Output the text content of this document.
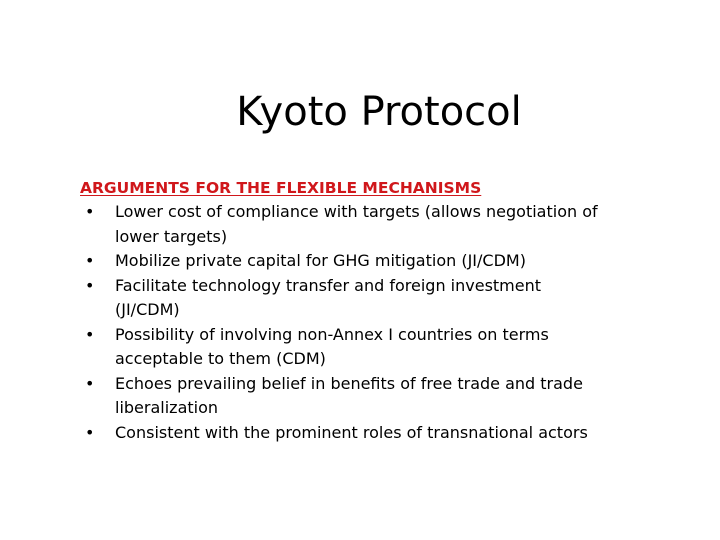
Kyoto Protocol
ARGUMENTS FOR THE FLEXIBLE MECHANISMS
• Lower cost of compliance with targets (allows negotiation of
lower targets)
• Mobilize private capital for GHG mitigation (JI/CDM)
• Facilitate technology transfer and foreign investment
(JI/CDM)
• Possibility of involving non-Annex I countries on terms
acceptable to them (CDM)
• Echoes prevailing belief in benefits of free trade and trade
liberalization
• Consistent with the prominent roles of transnational actors
